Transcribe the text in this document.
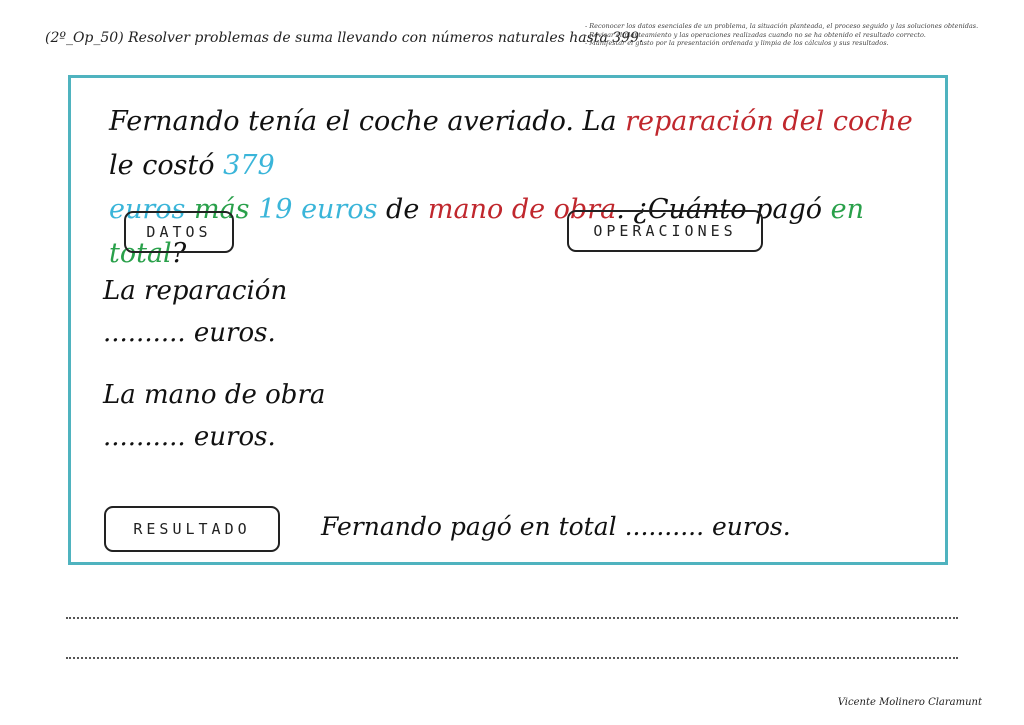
(2º_Op_50) Resolver problemas de suma llevando con números naturales hasta 399.
- Reconocer los datos esenciales de un problema, la situación planteada, el proceso seguido y las soluciones obtenidas.
- Revisar el planteamiento y las operaciones realizadas cuando no se ha obtenido el resultado correcto.
- Manifestar el gusto por la presentación ordenada y limpia de los cálculos y sus resultados.
Fernando tenía el coche averiado. La reparación del coche le costó 379
euros más 19 euros de mano de obra. ¿Cuánto pagó en total?
DATOS	OPERACIONES
La reparación
.......... euros.
La mano de obra
.......... euros.
RESULTADO	Fernando pagó en total .......... euros.
Vicente Molinero Claramunt
